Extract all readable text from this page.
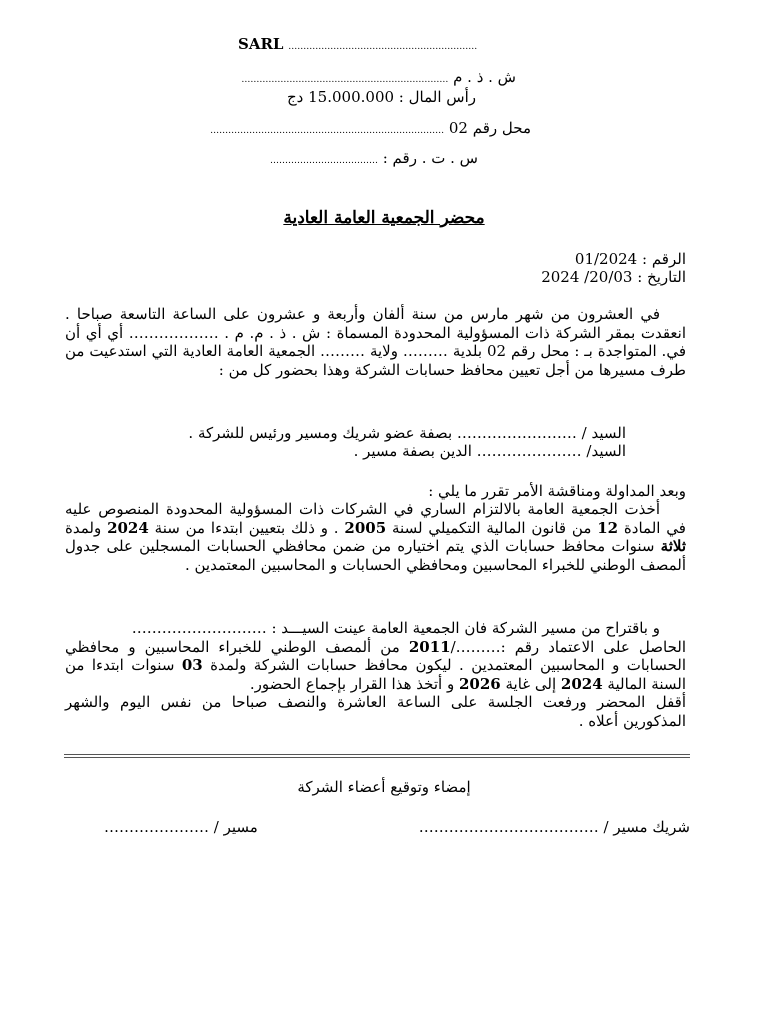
SARL ………………………………………………………
ش . ذ . م ……………………………………………………………
رأس المال : 15.000.000 دج
محل رقم 02 ……………………………………………………………………
س . ت . رقم : ………………………………
محضر الجمعية العامة العادية
الرقم : 01/2024
التاريخ : 20/03/ 2024

في العشرون من شهر مارس من سنة ألفان وأربعة و عشرون على الساعة التاسعة صباحا . انعقدت بمقر الشركة ذات المسؤولية المحدودة المسماة : ش . ذ . م. م . ……………… أي أي أن في. المتواجدة بـ : محل رقم 02 بلدية ……… ولاية ……… الجمعية العامة العادية التي استدعيت من طرف مسيرها من أجل تعيين محافظ حسابات الشركة وهذا بحضور كل من :

السيد / …………………… بصفة عضو شريك ومسير ورئيس للشركة .
السيد/ ………………… الدين بصفة مسير .
وبعد المداولة ومناقشة الأمر تقرر ما يلي :

أخذت الجمعية العامة بالالتزام الساري في الشركات ذات المسؤولية المحدودة المنصوص عليه في المادة 12 من قانون المالية التكميلي لسنة 2005 . و ذلك بتعيين ابتدءا من سنة 2024 ولمدة ثلاثة سنوات محافظ حسابات الذي يتم اختياره من ضمن محافظي الحسابات المسجلين على جدول ألمصف الوطني للخبراء المحاسبين ومحافظي الحسابات و المحاسبين المعتمدين .

و باقتراح من مسير الشركة فان الجمعية العامة عينت السيـــد : ………………………

الحاصل على الاعتماد رقم :………/2011 من ألمصف الوطني للخبراء المحاسبين و محافظي الحسابات و المحاسبين المعتمدين . ليكون محافظ حسابات الشركة ولمدة 03 سنوات ابتدءا من السنة المالية 2024 إلى غاية 2026 و أتخذ هذا القرار بإجماع الحضور.

أقفل المحضر ورفعت الجلسة على الساعة العاشرة والنصف صباحا من نفس اليوم والشهر المذكورين أعلاه .

إمضاء وتوقيع أعضاء الشركة
شريك مسير / ………………………………
مسير / …………………
